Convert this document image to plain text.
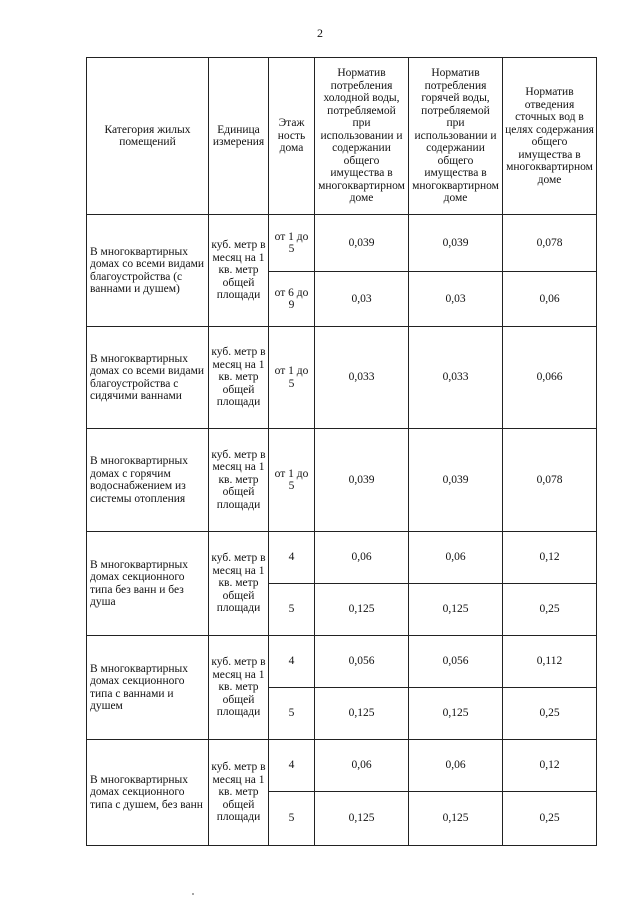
2
Категория жилых помещений	Единица измерения	Этаж ность дома	Норматив потребления холодной воды, потребляемой при использовании и содержании общего имущества в многоквартирном доме	Норматив потребления горячей воды, потребляемой при использовании и содержании общего имущества в многоквартирном доме	Норматив отведения сточных вод в целях содержания общего имущества в многоквартирном доме
В многоквартирных домах со всеми видами благоустройства (с ваннами и душем)	куб. метр в месяц на 1 кв. метр общей площади	от 1 до 5	0,039	0,039	0,078
		от 6 до 9	0,03	0,03	0,06
В многоквартирных домах со всеми видами благоустройства с сидячими ваннами	куб. метр в месяц на 1 кв. метр общей площади	от 1 до 5	0,033	0,033	0,066
В многоквартирных домах с горячим водоснабжением из системы отопления	куб. метр в месяц на 1 кв. метр общей площади	от 1 до 5	0,039	0,039	0,078
В многоквартирных домах секционного типа без ванн и без душа	куб. метр в месяц на 1 кв. метр общей площади	4	0,06	0,06	0,12
		5	0,125	0,125	0,25
В многоквартирных домах секционного типа с ваннами и душем	куб. метр в месяц на 1 кв. метр общей площади	4	0,056	0,056	0,112
		5	0,125	0,125	0,25
В многоквартирных домах секционного типа с душем, без ванн	куб. метр в месяц на 1 кв. метр общей площади	4	0,06	0,06	0,12
		5	0,125	0,125	0,25
